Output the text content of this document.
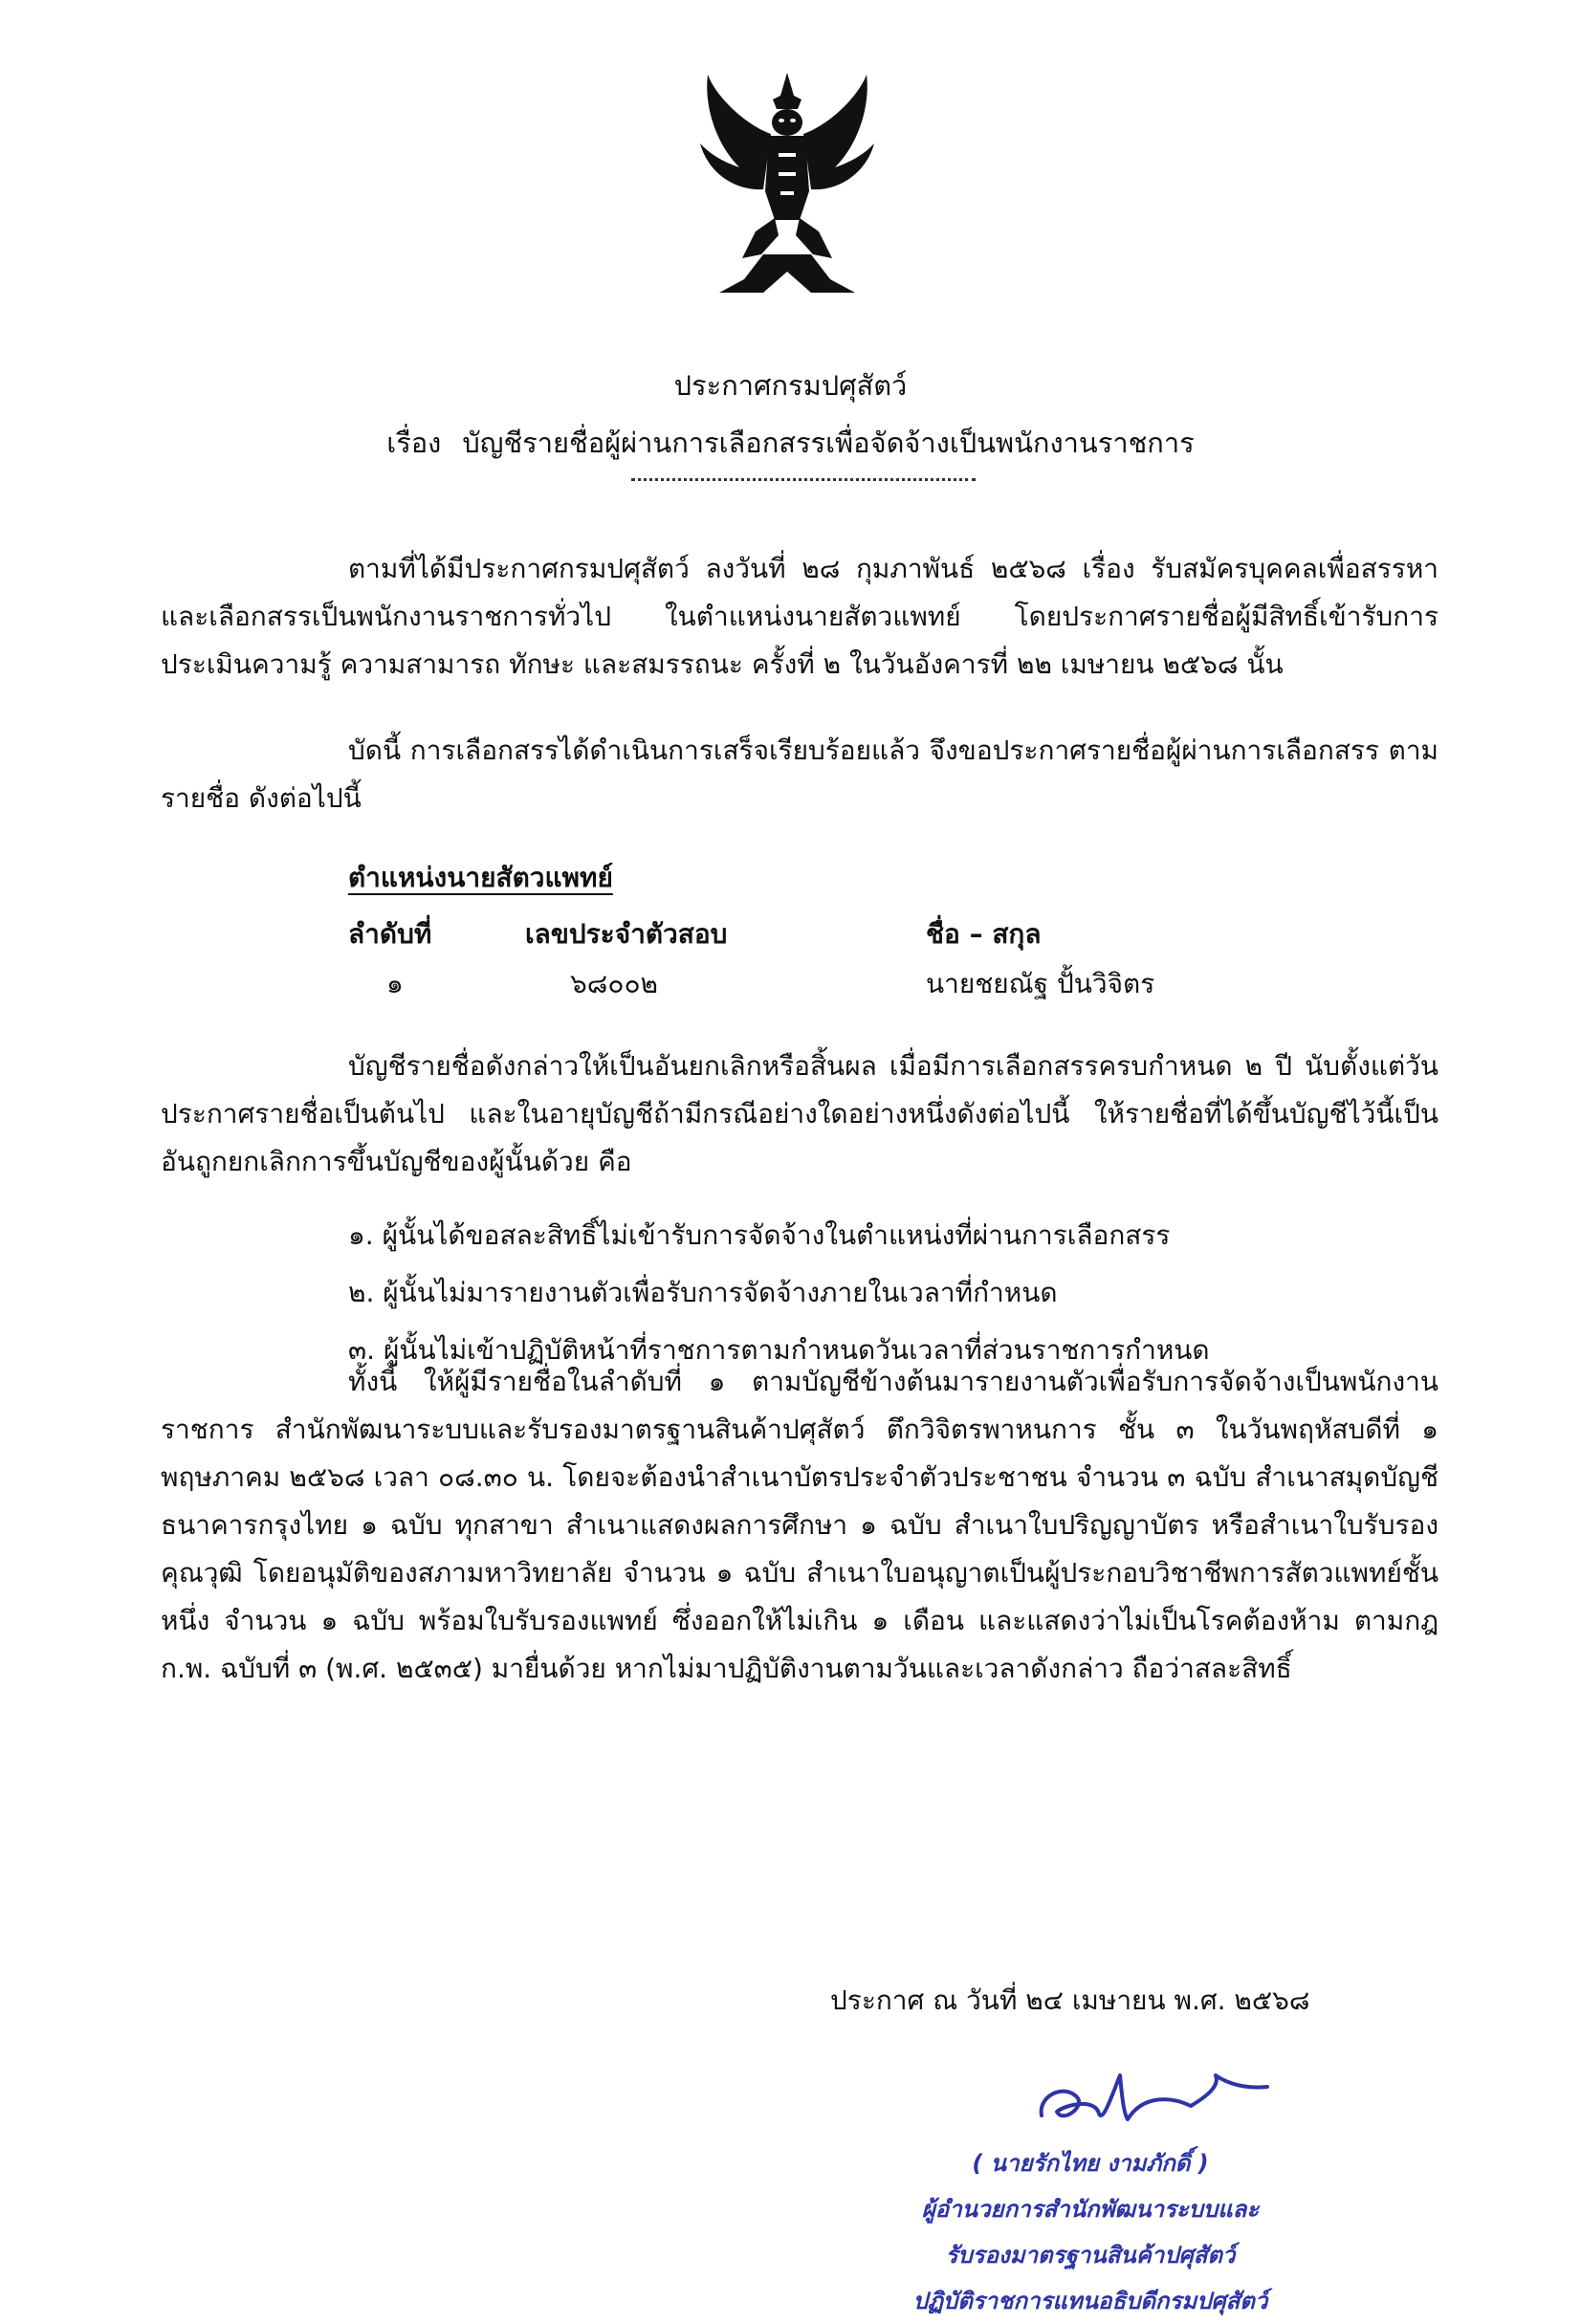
ประกาศกรมปศุสัตว์
เรื่อง บัญชีรายชื่อผู้ผ่านการเลือกสรรเพื่อจัดจ้างเป็นพนักงานราชการ
ตามที่ได้มีประกาศกรมปศุสัตว์ ลงวันที่ ๒๘ กุมภาพันธ์ ๒๕๖๘ เรื่อง รับสมัครบุคคลเพื่อสรรหาและเลือกสรรเป็นพนักงานราชการทั่วไป ในตำแหน่งนายสัตวแพทย์ โดยประกาศรายชื่อผู้มีสิทธิ์เข้ารับการประเมินความรู้ ความสามารถ ทักษะ และสมรรถนะ ครั้งที่ ๒ ในวันอังคารที่ ๒๒ เมษายน ๒๕๖๘ นั้น
บัดนี้ การเลือกสรรได้ดำเนินการเสร็จเรียบร้อยแล้ว จึงขอประกาศรายชื่อผู้ผ่านการเลือกสรร ตามรายชื่อ ดังต่อไปนี้
ตำแหน่งนายสัตวแพทย์
ลำดับที่	เลขประจำตัวสอบ	ชื่อ – สกุล
๑	๖๘๐๐๒	นายชยณัฐ ปั้นวิจิตร
บัญชีรายชื่อดังกล่าวให้เป็นอันยกเลิกหรือสิ้นผล เมื่อมีการเลือกสรรครบกำหนด ๒ ปี นับตั้งแต่วันประกาศรายชื่อเป็นต้นไป และในอายุบัญชีถ้ามีกรณีอย่างใดอย่างหนึ่งดังต่อไปนี้ ให้รายชื่อที่ได้ขึ้นบัญชีไว้นี้เป็นอันถูกยกเลิกการขึ้นบัญชีของผู้นั้นด้วย คือ
๑. ผู้นั้นได้ขอสละสิทธิ์ไม่เข้ารับการจัดจ้างในตำแหน่งที่ผ่านการเลือกสรร
๒. ผู้นั้นไม่มารายงานตัวเพื่อรับการจัดจ้างภายในเวลาที่กำหนด
๓. ผู้นั้นไม่เข้าปฏิบัติหน้าที่ราชการตามกำหนดวันเวลาที่ส่วนราชการกำหนด
ทั้งนี้ ให้ผู้มีรายชื่อในลำดับที่ ๑ ตามบัญชีข้างต้นมารายงานตัวเพื่อรับการจัดจ้างเป็นพนักงานราชการ สำนักพัฒนาระบบและรับรองมาตรฐานสินค้าปศุสัตว์ ตึกวิจิตรพาหนการ ชั้น ๓ ในวันพฤหัสบดีที่ ๑ พฤษภาคม ๒๕๖๘ เวลา ๐๘.๓๐ น. โดยจะต้องนำสำเนาบัตรประจำตัวประชาชน จำนวน ๓ ฉบับ สำเนาสมุดบัญชีธนาคารกรุงไทย ๑ ฉบับ ทุกสาขา สำเนาแสดงผลการศึกษา ๑ ฉบับ สำเนาใบปริญญาบัตร หรือสำเนาใบรับรองคุณวุฒิ โดยอนุมัติของสภามหาวิทยาลัย จำนวน ๑ ฉบับ สำเนาใบอนุญาตเป็นผู้ประกอบวิชาชีพการสัตวแพทย์ชั้นหนึ่ง จำนวน ๑ ฉบับ พร้อมใบรับรองแพทย์ ซึ่งออกให้ไม่เกิน ๑ เดือน และแสดงว่าไม่เป็นโรคต้องห้าม ตามกฎ ก.พ. ฉบับที่ ๓ (พ.ศ. ๒๕๓๕) มายื่นด้วย หากไม่มาปฏิบัติงานตามวันและเวลาดังกล่าว ถือว่าสละสิทธิ์
ประกาศ ณ วันที่ ๒๔ เมษายน พ.ศ. ๒๕๖๘
( นายรักไทย งามภักดิ์ )
ผู้อำนวยการสำนักพัฒนาระบบและ
รับรองมาตรฐานสินค้าปศุสัตว์
ปฏิบัติราชการแทนอธิบดีกรมปศุสัตว์
